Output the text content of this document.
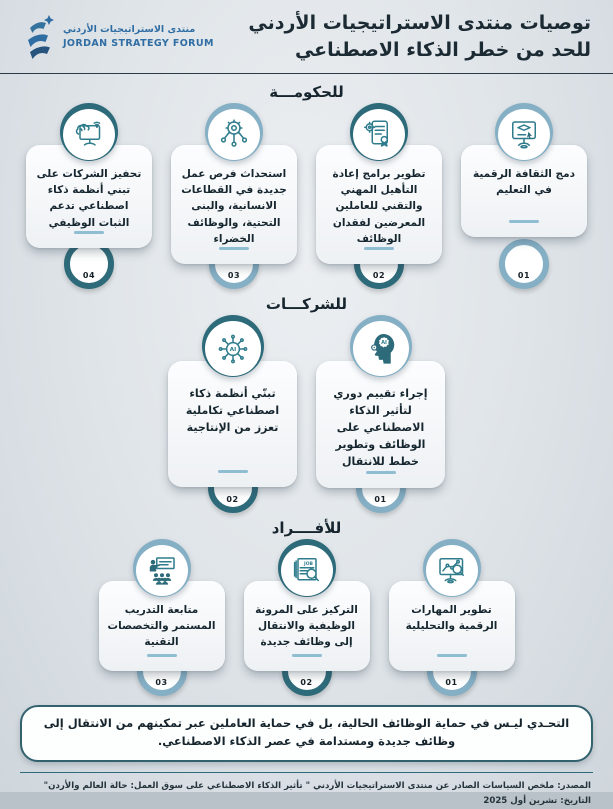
توصيات منتدى الاستراتيجيات الأردني
للحد من خطر الذكاء الاصطناعي
منتدى الاستراتيجيات الأردني
JORDAN STRATEGY FORUM
للحكومـــة

دمج الثقافة الرقمية في التعليم

01

تطوير برامج إعادة التأهيل المهني والتقني للعاملين المعرضين لفقدان الوظائف

02

استحداث فرص عمل جديدة في القطاعات الانسانية، والبنى التحتية، والوظائف الخضراء

03

تحفيز الشركات على تبني أنظمة ذكاء اصطناعي تدعم الثبات الوظيفي

04
للشركـــات
AI

إجراء تقييم دوري لتأثير الذكاء الاصطناعي على الوظائف وتطوير خطط للانتقال

01
AI

تبنّي أنظمة ذكاء اصطناعي تكاملية تعزز من الإنتاجية

02
للأفــــراد

تطوير المهارات الرقمية والتحليلية

01
JOB

التركيز على المرونة الوظيفية والانتقال إلى وظائف جديدة

02

متابعة التدريب المستمر والتخصصات التقنية

03
التحـدي ليـس في حماية الوظائف الحالية، بل في حماية العاملين عبر تمكينهم من الانتقال إلى وظائف جديدة ومستدامة في عصر الذكاء الاصطناعي.
المصدر: ملخص السياسات الصادر عن منتدى الاستراتيجيات الأردني " تأثير الذكاء الاصطناعي على سوق العمل: حالة العالم والأردن"
التاريخ: تشرين أول 2025
